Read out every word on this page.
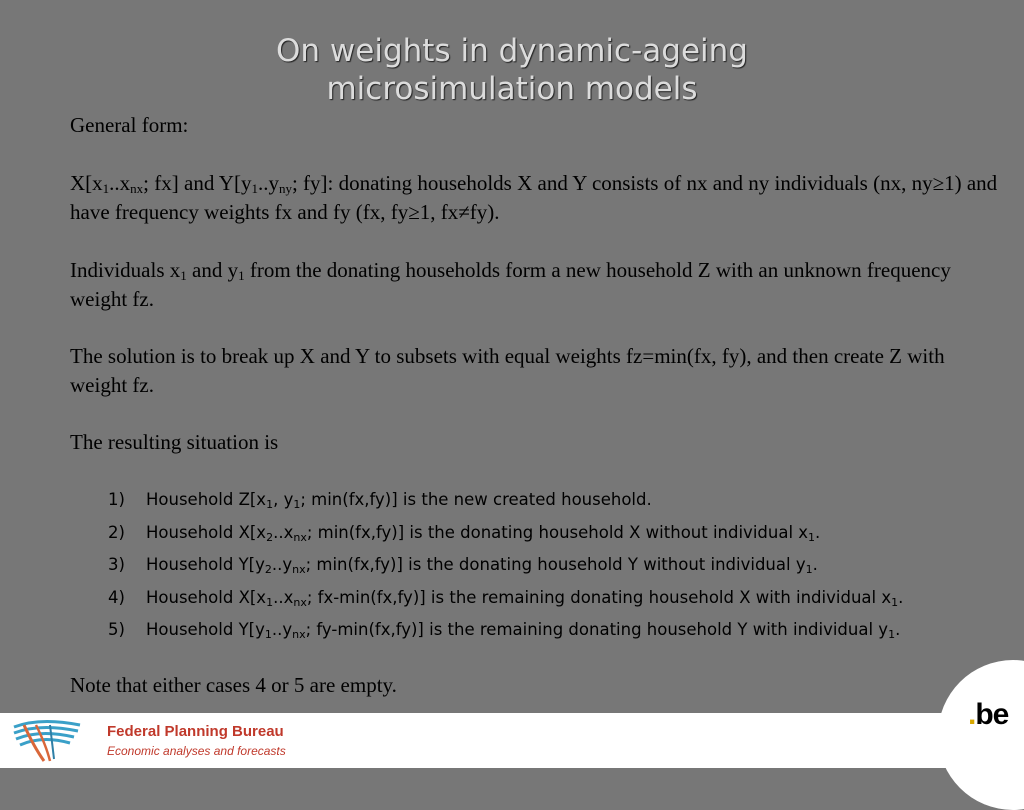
On weights in dynamic-ageing
microsimulation models

General form:

$X[x_1..x_{nx}$; fx] and $Y[y_1..y_{ny}$; fy]: donating households X and Y consists of nx and ny individuals (nx, ny≥1) and have frequency weights fx and fy (fx, fy≥1, fx≠fy).

Individuals $x_1$ and $y_1$ from the donating households form a new household Z with an unknown frequency weight fz.

The solution is to break up X and Y to subsets with equal weights fz=min(fx, fy), and then create Z with weight fz.

The resulting situation is

1) Household $Z[x_1$, $y_1$; min(fx,fy)] is the new created household.
2) Household $X[x_2..x_{nx}$; min(fx,fy)] is the donating household X without individual $x_1$.
3) Household $Y[y_2..y_{nx}$; min(fx,fy)] is the donating household Y without individual $y_1$.
4) Household $X[x_1..x_{nx}$; fx-min(fx,fy)] is the remaining donating household X with individual $x_1$.
5) Household $Y[y_1..y_{nx}$; fy-min(fx,fy)] is the remaining donating household Y with individual $y_1$.

Note that either cases 4 or 5 are empty.

Federal Planning Bureau
Economic analyses and forecasts
.be
